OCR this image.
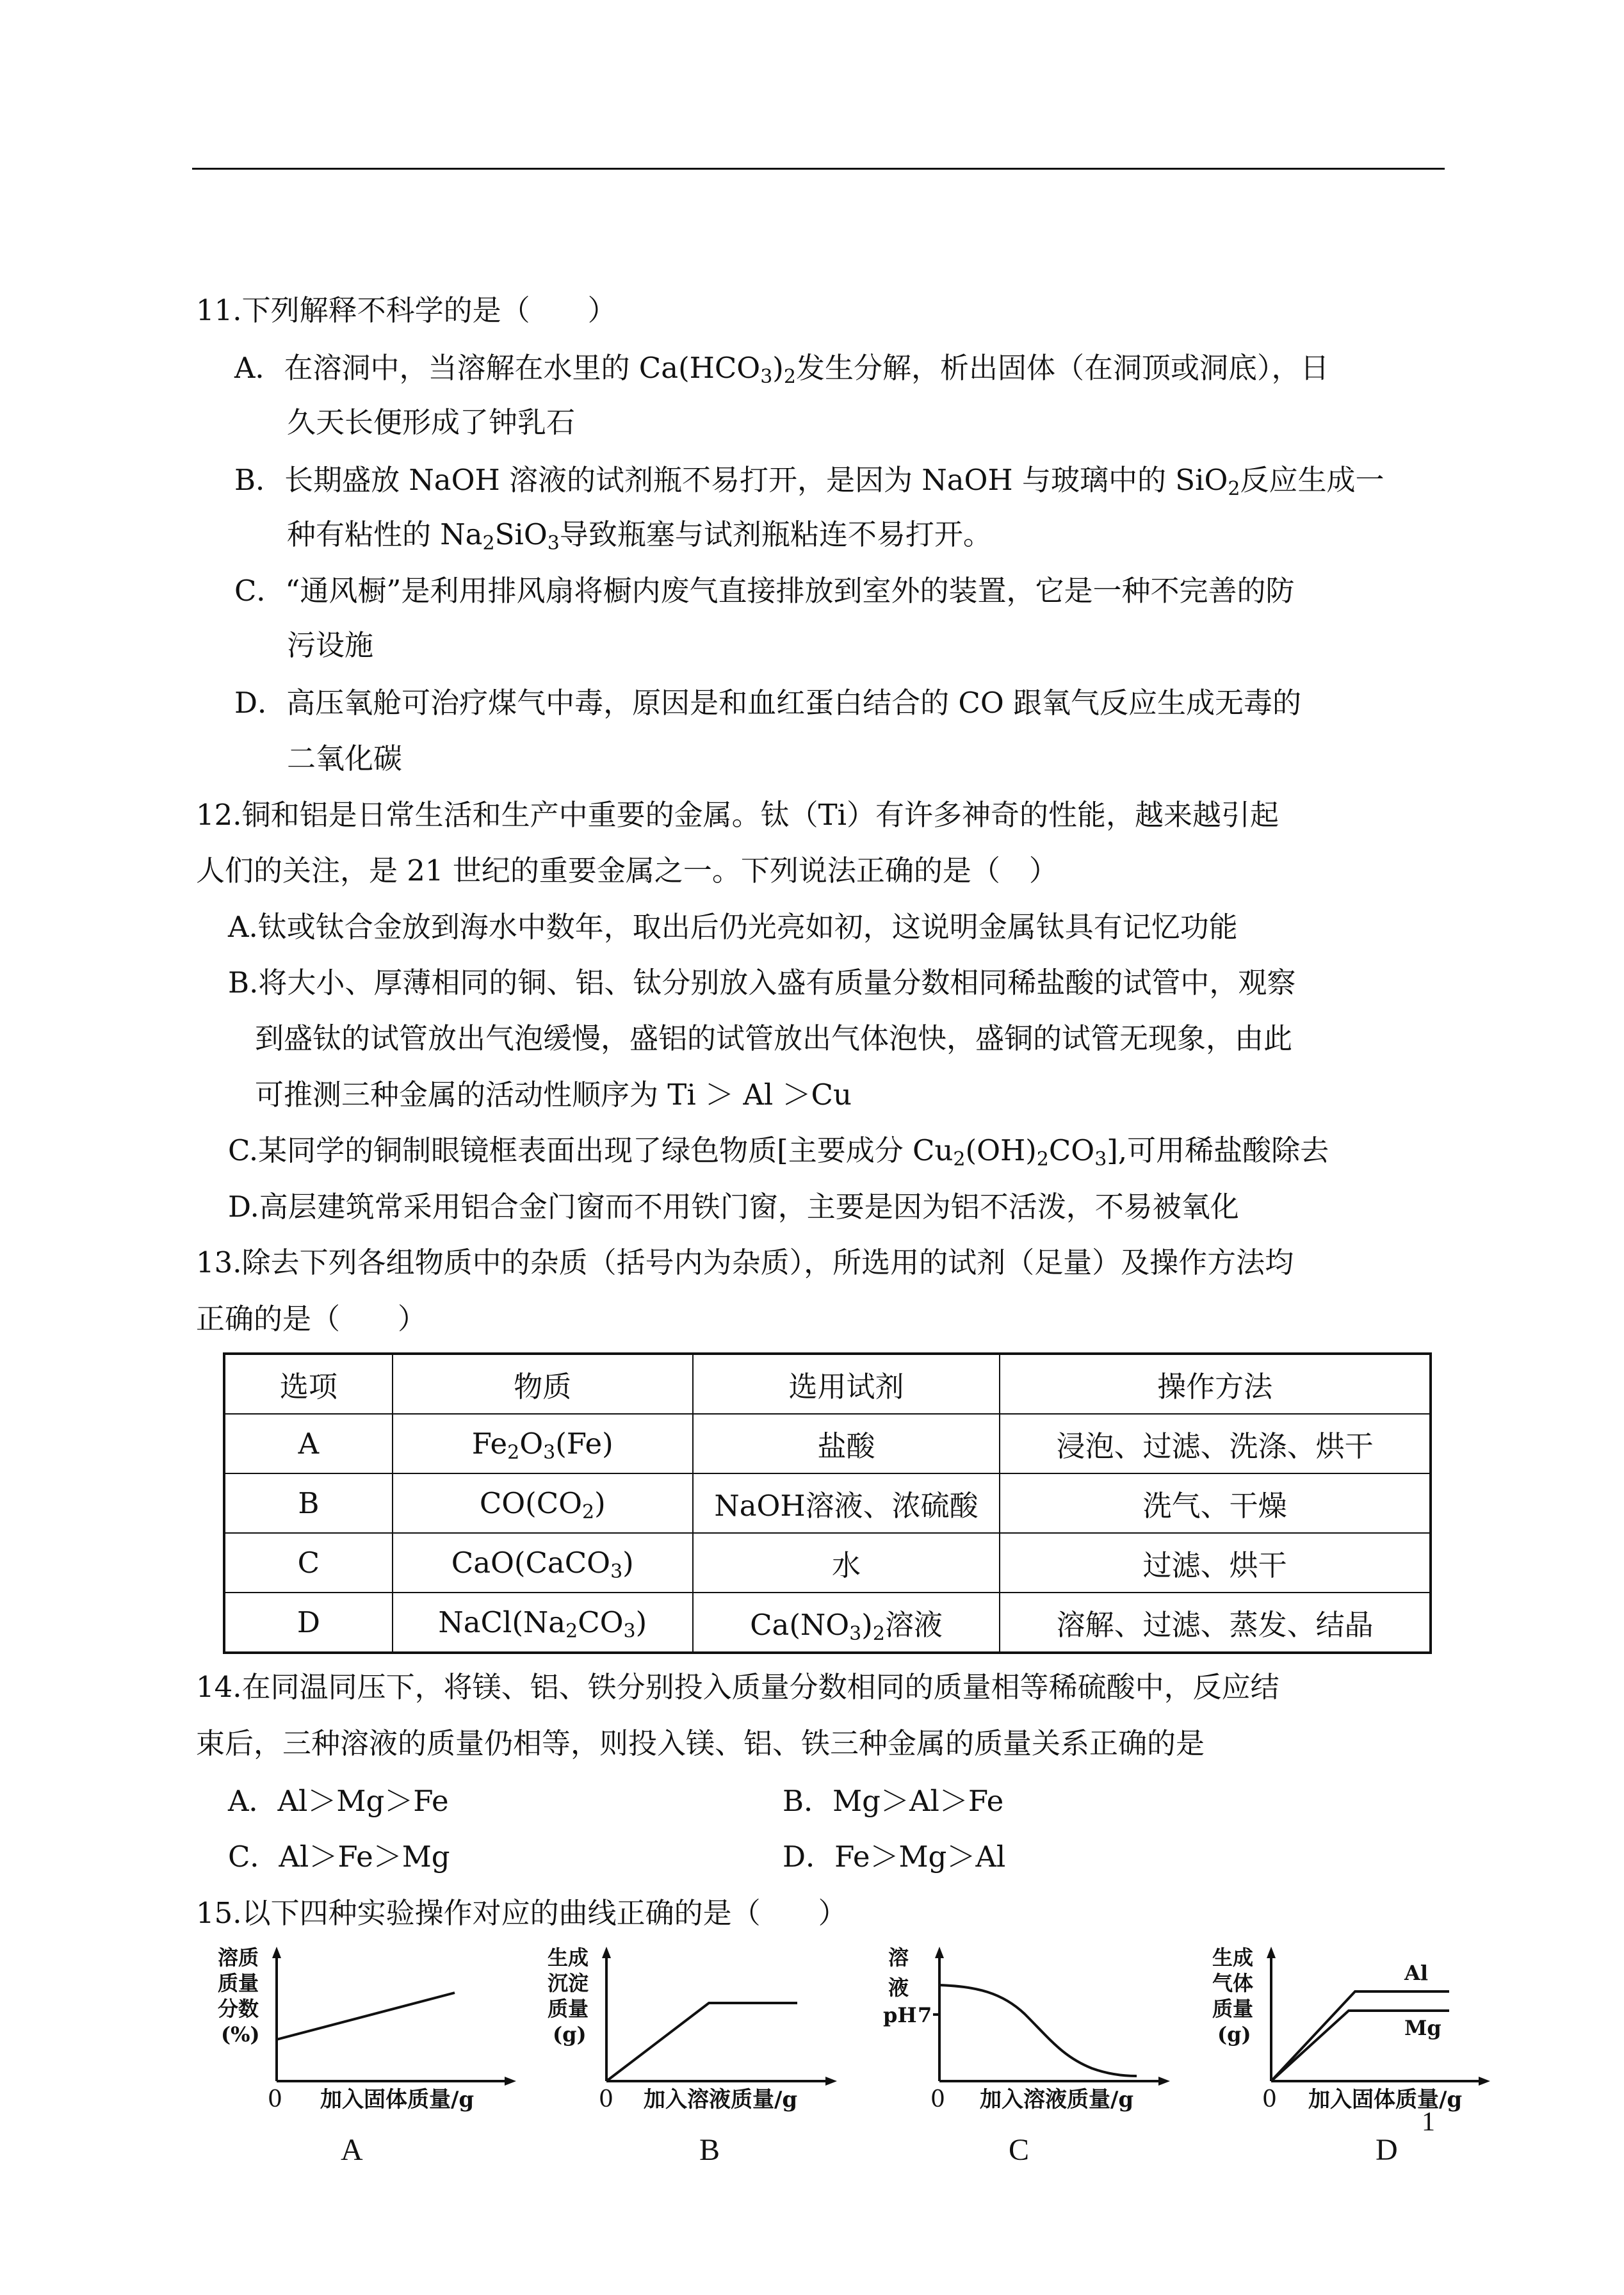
11.下列解释不科学的是（　　）
A．在溶洞中，当溶解在水里的 $Ca(HCO_3)_2$发生分解，析出固体（在洞顶或洞底），日
久天长便形成了钟乳石
B．长期盛放 NaOH 溶液的试剂瓶不易打开，是因为 NaOH 与玻璃中的 SiO$_2$反应生成一
种有粘性的 $Na_2SiO_3$导致瓶塞与试剂瓶粘连不易打开。
C．“通风橱”是利用排风扇将橱内废气直接排放到室外的装置，它是一种不完善的防
污设施
D．高压氧舱可治疗煤气中毒，原因是和血红蛋白结合的 CO 跟氧气反应生成无毒的
二氧化碳
12.铜和铝是日常生活和生产中重要的金属。钛（Ti）有许多神奇的性能，越来越引起
人们的关注，是 21 世纪的重要金属之一。下列说法正确的是（　）
A.钛或钛合金放到海水中数年，取出后仍光亮如初，这说明金属钛具有记忆功能
B.将大小、厚薄相同的铜、铝、钛分别放入盛有质量分数相同稀盐酸的试管中，观察
到盛钛的试管放出气泡缓慢，盛铝的试管放出气体泡快，盛铜的试管无现象，由此
可推测三种金属的活动性顺序为 Ti ＞ Al ＞Cu
C.某同学的铜制眼镜框表面出现了绿色物质[主要成分 $Cu_2(OH)_2CO_3$],可用稀盐酸除去
D.高层建筑常采用铝合金门窗而不用铁门窗，主要是因为铝不活泼，不易被氧化
13.除去下列各组物质中的杂质（括号内为杂质），所选用的试剂（足量）及操作方法均
正确的是（　　）
选项	物质	选用试剂	操作方法
A	$Fe_2O_3(Fe)$	盐酸	浸泡、过滤、洗涤、烘干
B	$CO(CO_2)$	NaOH溶液、浓硫酸	洗气、干燥
C	CaO(CaCO$_3$)	水	过滤、烘干
D	$NaCl(Na_2CO_3)$	$Ca(NO_3)_2$溶液	溶解、过滤、蒸发、结晶
14.在同温同压下，将镁、铝、铁分别投入质量分数相同的质量相等稀硫酸中，反应结
束后，三种溶液的质量仍相等，则投入镁、铝、铁三种金属的质量关系正确的是
A．Al＞Mg＞Fe	B．Mg＞Al＞Fe
C．Al＞Fe＞Mg	D．Fe＞Mg＞Al
15.以下四种实验操作对应的曲线正确的是（　　）
溶质
质量
分数
(%)
0 加入固体质量/g
A
生成
沉淀
质量
(g)
0 加入溶液质量/g
B
溶
液
pH 7
0 加入溶液质量/g
C
生成
气体
质量
(g)
Al
Mg
0 加入固体质量/g
D
1
